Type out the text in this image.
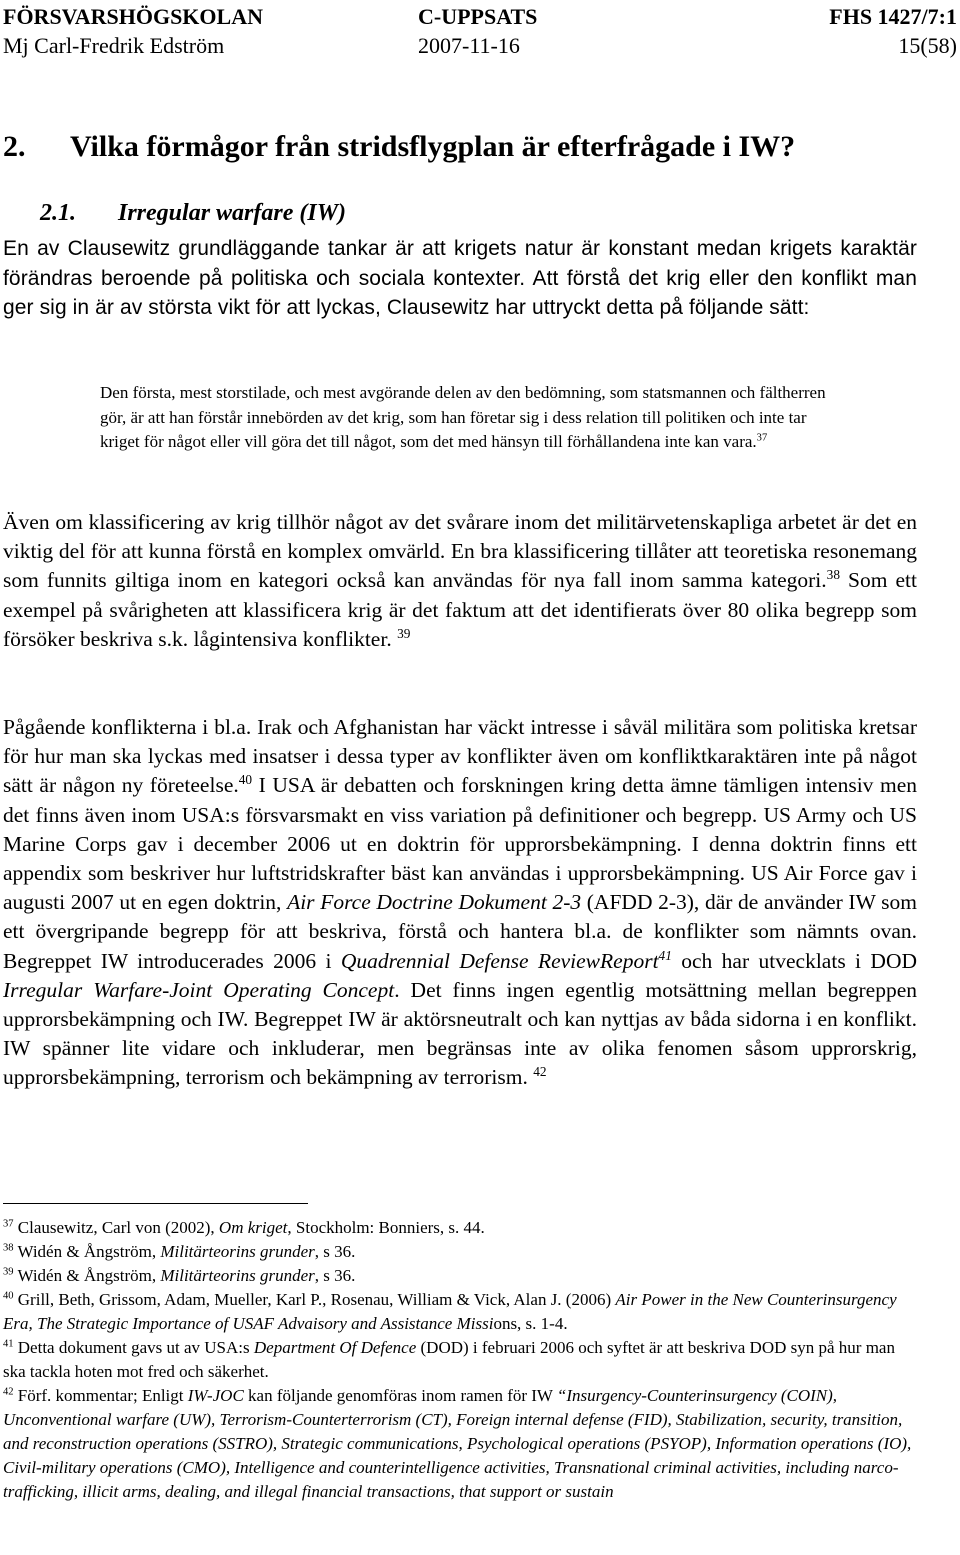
FÖRSVARSHÖGSKOLAN	C-UPPSATS	FHS 1427/7:1
Mj Carl-Fredrik Edström	2007-11-16	15(58)
2. Vilka förmågor från stridsflygplan är efterfrågade i IW?
2.1. Irregular warfare (IW)
En av Clausewitz grundläggande tankar är att krigets natur är konstant medan krigets karaktär förändras beroende på politiska och sociala kontexter. Att förstå det krig eller den konflikt man ger sig in är av största vikt för att lyckas, Clausewitz har uttryckt detta på följande sätt:
Den första, mest storstilade, och mest avgörande delen av den bedömning, som statsmannen och fältherren gör, är att han förstår innebörden av det krig, som han företar sig i dess relation till politiken och inte tar kriget för något eller vill göra det till något, som det med hänsyn till förhållandena inte kan vara.$^{37}$
Även om klassificering av krig tillhör något av det svårare inom det militärvetenskapliga arbetet är det en viktig del för att kunna förstå en komplex omvärld. En bra klassificering tillåter att teoretiska resonemang som funnits giltiga inom en kategori också kan användas för nya fall inom samma kategori.$^{38}$ Som ett exempel på svårigheten att klassificera krig är det faktum att det identifierats över 80 olika begrepp som försöker beskriva s.k. lågintensiva konflikter. $^{39}$
Pågående konflikterna i bl.a. Irak och Afghanistan har väckt intresse i såväl militära som politiska kretsar för hur man ska lyckas med insatser i dessa typer av konflikter även om konfliktkaraktären inte på något sätt är någon ny företeelse.$^{40}$ I USA är debatten och forskningen kring detta ämne tämligen intensiv men det finns även inom USA:s försvarsmakt en viss variation på definitioner och begrepp. US Army och US Marine Corps gav i december 2006 ut en doktrin för upprorsbekämpning. I denna doktrin finns ett appendix som beskriver hur luftstridskrafter bäst kan användas i upprorsbekämpning. US Air Force gav i augusti 2007 ut en egen doktrin, Air Force Doctrine Dokument 2-3 (AFDD 2-3), där de använder IW som ett övergripande begrepp för att beskriva, förstå och hantera bl.a. de konflikter som nämnts ovan. Begreppet IW introducerades 2006 i Quadrennial Defense ReviewReport$^{41}$ och har utvecklats i DOD Irregular Warfare-Joint Operating Concept. Det finns ingen egentlig motsättning mellan begreppen upprorsbekämpning och IW. Begreppet IW är aktörsneutralt och kan nyttjas av båda sidorna i en konflikt. IW spänner lite vidare och inkluderar, men begränsas inte av olika fenomen såsom upprorskrig, upprorsbekämpning, terrorism och bekämpning av terrorism. $^{42}$

$^{37}$ Clausewitz, Carl von (2002), Om kriget, Stockholm: Bonniers, s. 44.

$^{38}$ Widén & Ångström, Militärteorins grunder, s 36.

$^{39}$ Widén & Ångström, Militärteorins grunder, s 36.

$^{40}$ Grill, Beth, Grissom, Adam, Mueller, Karl P., Rosenau, William & Vick, Alan J. (2006) Air Power in the New Counterinsurgency Era, The Strategic Importance of USAF Advaisory and Assistance Missions, s. 1-4.

$^{41}$ Detta dokument gavs ut av USA:s Department Of Defence (DOD) i februari 2006 och syftet är att beskriva DOD syn på hur man ska tackla hoten mot fred och säkerhet.

$^{42}$ Förf. kommentar; Enligt IW-JOC kan följande genomföras inom ramen för IW “Insurgency-Counterinsurgency (COIN), Unconventional warfare (UW), Terrorism-Counterterrorism (CT), Foreign internal defense (FID), Stabilization, security, transition, and reconstruction operations (SSTRO), Strategic communications, Psychological operations (PSYOP), Information operations (IO), Civil-military operations (CMO), Intelligence and counterintelligence activities, Transnational criminal activities, including narco-trafficking, illicit arms, dealing, and illegal financial transactions, that support or sustain
